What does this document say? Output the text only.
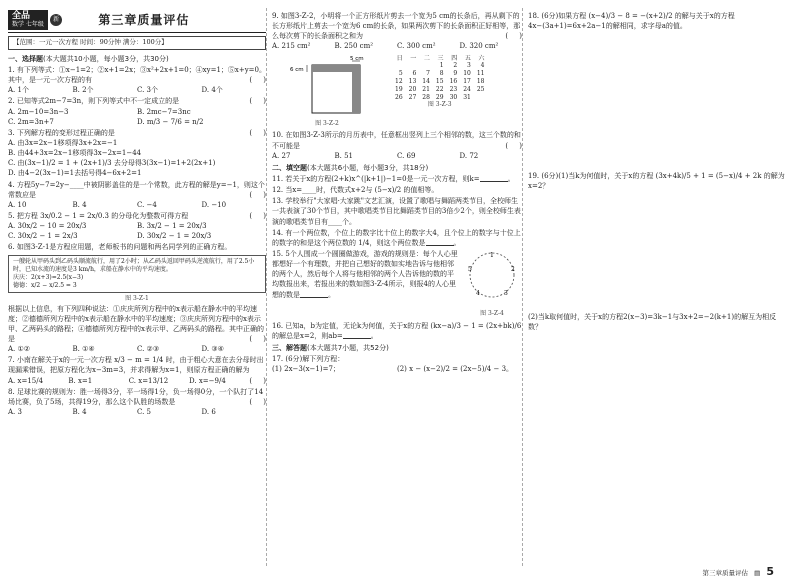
全品
数学 七年级
新	第三章质量评估
【范围：一元一次方程 时间：90分钟 满分：100分】
一、选择题(本大题共10小题，每小题3分，共30分)
1. 有下列等式：①x−1=2；②x+1=2x；③x²+2x+1=0；④xy=1；⑤x+y=0。其中，是一元一次方程的有	(     )
A. 1个	B. 2个	C. 3个	D. 4个
2. 已知等式2m−7=3n，则下列等式中不一定成立的是	(     )
A. 2m−10=3n−3	B. 2mc−7=3nc
C. 2m=3n+7	D. m/3 − 7/6 = n/2
3. 下列解方程的变形过程正确的是	(     )
A. 由3x=2x−1移项得3x+2x=−1
B. 由44+3x=2x−1移项得3x−2x=1−44
C. 由(3x−1)/2 = 1 + (2x+1)/3 去分母得3(3x−1)=1+2(2x+1)
D. 由4−2(3x−1)=1去括号得4−6x+2=1
4. 方程5y−7=2y−____中被阴影盖住的是一个常数，此方程的解是y=−1，则这个常数应是	(     )
A. 10	B. 4	C. −4	D. −10
5. 把方程 3x/0.2 − 1 = 2x/0.3 的分母化为整数可得方程	(     )
A. 30x/2 − 10 = 20x/3	B. 3x/2 − 1 = 20x/3
C. 30x/2 − 1 = 2x/3	D. 30x/2 − 1 = 20x/3
6. 如图3-Z-1是方程应用题，老师板书的问题和两名同学列的正确方程。
一艘轮从甲码头到乙码头顺流航行，用了2小时；从乙码头返回甲码头逆流航行，用了2.5小时，已知水流的速度是3 km/h，求船在静水中的平均速度。
庆庆：2(x+3)=2.5(x−3)
德德：x/2 − x/2.5 = 3
图 3-Z-1
根据以上信息，有下列四种说法：①庆庆所列方程中的x表示船在静水中的平均速度；②德德所列方程中的x表示船在静水中的平均速度；③庆庆所列方程中的x表示甲、乙两码头的路程；④德德所列方程中的x表示甲、乙两码头的路程。其中正确的是	(     )
A. ①②	B. ①④	C. ②③	D. ③④
7. 小南在解关于x的一元一次方程 x/3 − m = 1/4 时，由于粗心大意在去分母时出现漏乘错误，把原方程化为x−3m=3，并求得解为x=1，则原方程正确的解为
(     )
A. x=15/4	B. x=1	C. x=13/12	D. x=−9/4
8. 足球比赛的规则为：胜一场得3分，平一场得1分，负一场得0分，一个队打了14场比赛，负了5场，共得19分，那么这个队胜的场数是	(     )
A. 3	B. 4	C. 5	D. 6
9. 如图3-Z-2，小明将一个正方形纸片剪去一个宽为5 cm的长条后，再从剩下的长方形纸片上剪去一个宽为6 cm的长条，如果两次剪下的长条面积正好相等，那么每次剪下的长条面积之和为	(     )
A. 215 cm²	B. 250 cm²	C. 300 cm²	D. 320 cm²
5 cm
6 cm
图 3-Z-2
日	一	二	三	四	五	六
			1	2	3	4
5	6	7	8	9	10	11
12	13	14	15	16	17	18
19	20	21	22	23	24	25
26	27	28	29	30	31	
图 3-Z-3
10. 在如图3-Z-3所示的月历表中，任意框出竖列上三个相邻的数，这三个数的和不可能是	(     )
A. 27	B. 51	C. 69	D. 72
二、填空题(本大题共6小题，每小题3分，共18分)
11. 若关于x的方程(2+k)x^(|k+1|)−1=0是一元一次方程，则k=	。
12. 当x=____时，代数式x+2与 (5−x)/2 的值相等。
13. 学校举行"大家唱·大家跳"文艺汇演，设置了歌唱与舞蹈两类节目，全校师生一共表演了30个节目，其中歌唱类节目比舞蹈类节目的3倍少2个，则全校师生表演的歌唱类节目有____个。
14. 有一个两位数，个位上的数字比十位上的数字大4，且个位上的数字与十位上的数字的和是这个两位数的 1/4，则这个两位数是	。
1
2
3
4
5
图 3-Z-4
15. 5个人围成一个圆圈做游戏，游戏的规则是：每个人心里都想好一个有理数，并把自己想好的数如实地告诉与他相邻的两个人，然后每个人将与他相邻的两个人告诉他的数的平均数报出来，若报出来的数如图3-Z-4所示，则报4的人心里想的数是	。
16. 已知a，b为定值，无论k为何值，关于x的方程 (kx−a)/3 − 1 = (2x+bk)/6 的解总是x=2，则ab=	。
三、解答题(本大题共7小题，共52分)
17. (6分)解下列方程：
(1) 2x−3(x−1)=7；	(2) x − (x−2)/2 = (2x−5)/4 − 3。
18. (6分)如果方程 (x−4)/3 − 8 = −(x+2)/2 的解与关于x的方程4x−(3a+1)=6x+2a−1的解相同，求字母a的值。
19. (6分)(1)当k为何值时，关于x的方程 (3x+4k)/5 + 1 = (5−x)/4 + 2k 的解为x=2？
(2)当k取何值时，关于x的方程2(x−3)=3k−1与3x+2=−2(k+1)的解互为相反数？
第三章质量评估 ▤ 5
